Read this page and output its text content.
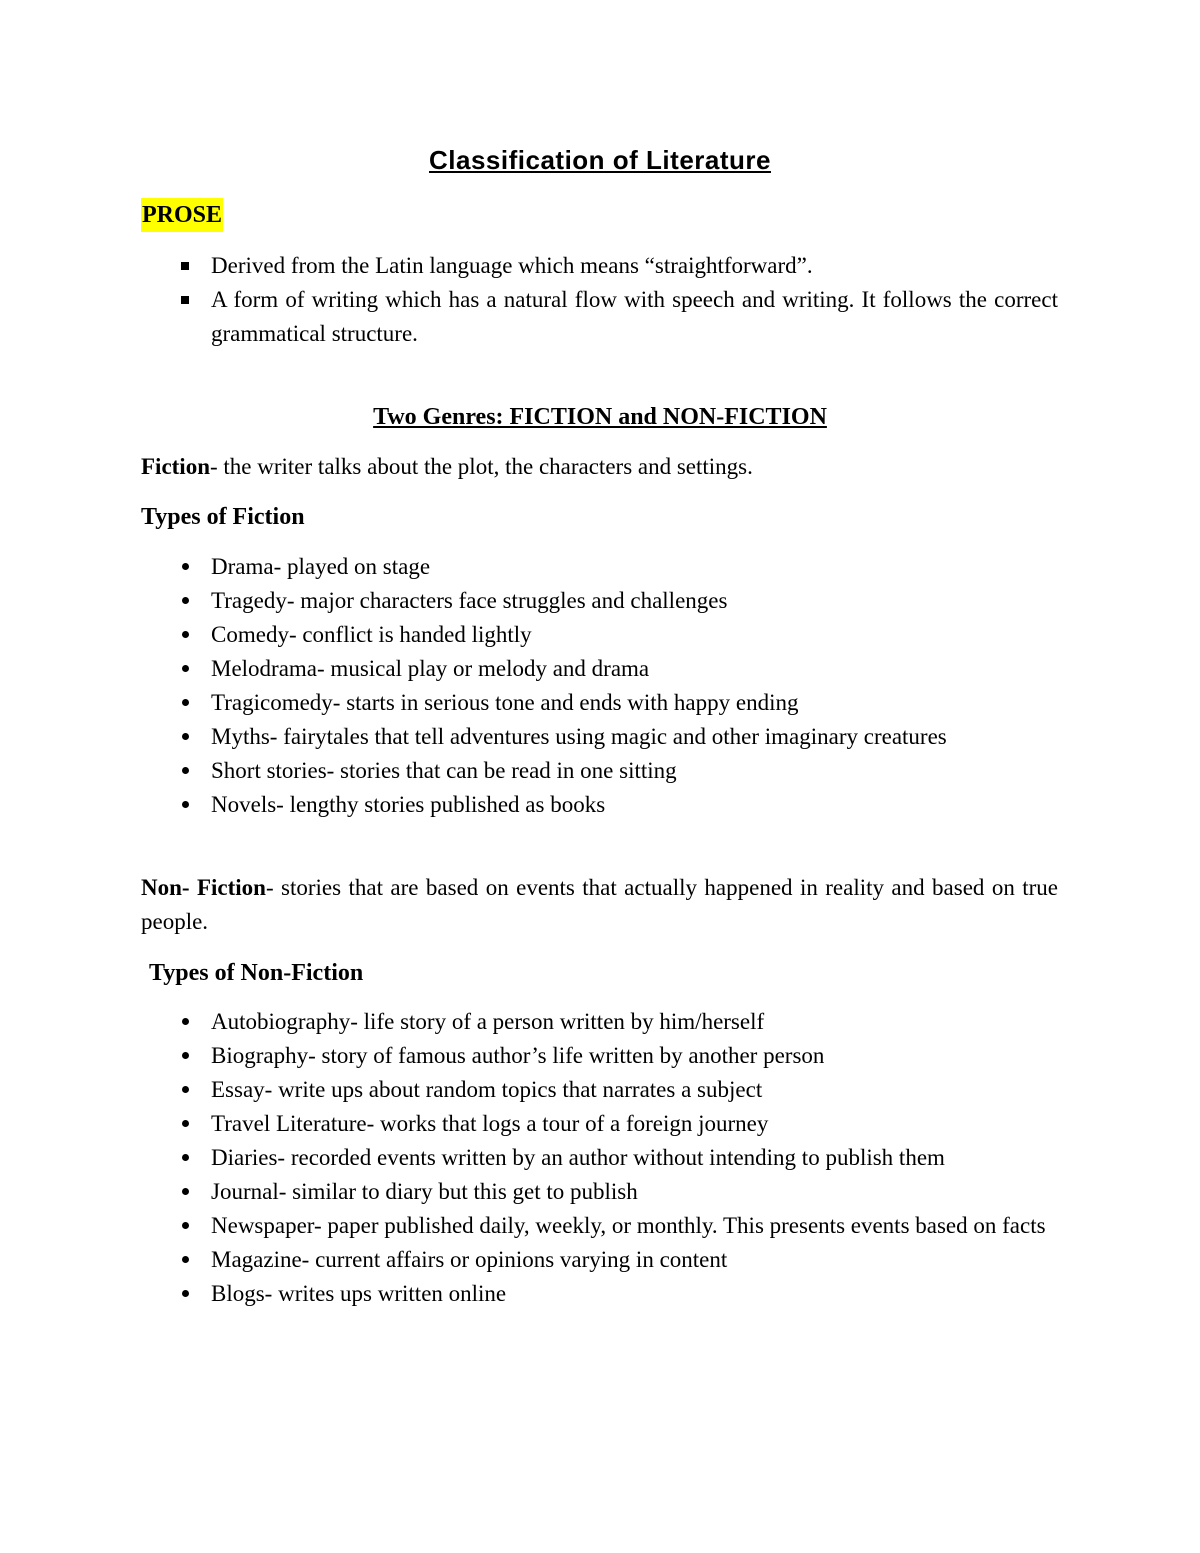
Classification of Literature
PROSE
Derived from the Latin language which means “straightforward”.
A form of writing which has a natural flow with speech and writing. It follows the correct grammatical structure.
Two Genres: FICTION and NON-FICTION
Fiction- the writer talks about the plot, the characters and settings.
Types of Fiction
Drama- played on stage
Tragedy- major characters face struggles and challenges
Comedy- conflict is handed lightly
Melodrama- musical play or melody and drama
Tragicomedy- starts in serious tone and ends with happy ending
Myths- fairytales that tell adventures using magic and other imaginary creatures
Short stories- stories that can be read in one sitting
Novels- lengthy stories published as books
Non- Fiction- stories that are based on events that actually happened in reality and based on true people.
Types of Non-Fiction
Autobiography- life story of a person written by him/herself
Biography- story of famous author’s life written by another person
Essay- write ups about random topics that narrates a subject
Travel Literature- works that logs a tour of a foreign journey
Diaries- recorded events written by an author without intending to publish them
Journal- similar to diary but this get to publish
Newspaper- paper published daily, weekly, or monthly. This presents events based on facts
Magazine- current affairs or opinions varying in content
Blogs- writes ups written online
